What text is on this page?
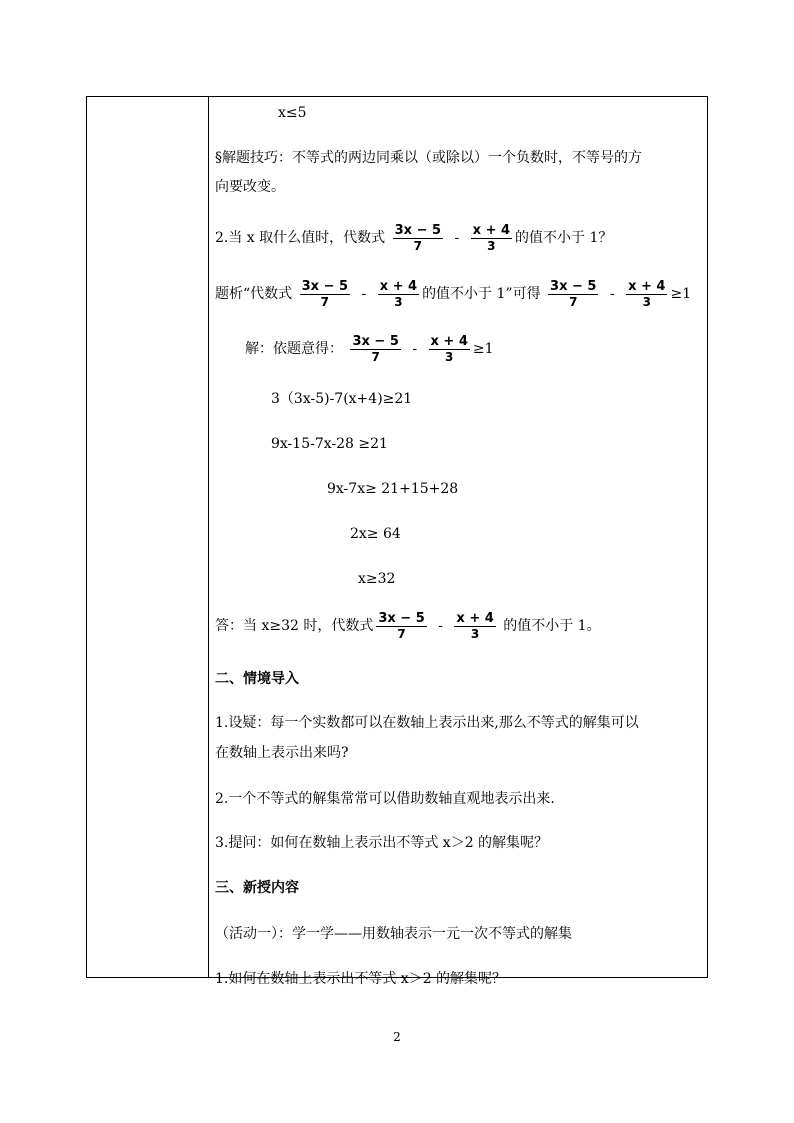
x≤5
§解题技巧：不等式的两边同乘以（或除以）一个负数时，不等号的方
向要改变。
2.当 x 取什么值时，代数式 $\frac{3x - 5}{7} - \frac{x + 4}{3}$ 的值不小于 1？
题析“代数式 $\frac{3x - 5}{7} - \frac{x + 4}{3}$ 的值不小于 1”可得 $\frac{3x - 5}{7} - \frac{x + 4}{3} \ge 1$
解：依题意得： $\frac{3x - 5}{7} - \frac{x + 4}{3} \ge 1$
3（3x-5)-7(x+4)≥21
9x-15-7x-28 ≥21
9x-7x≥ 21+15+28
2x≥ 64
x≥32
答：当 x≥32 时，代数式 $\frac{3x - 5}{7} - \frac{x + 4}{3}$ 的值不小于 1。
二、情境导入
1.设疑：每一个实数都可以在数轴上表示出来,那么不等式的解集可以
在数轴上表示出来吗?
2.一个不等式的解集常常可以借助数轴直观地表示出来.
3.提问：如何在数轴上表示出不等式 x＞2 的解集呢？
三、新授内容
（活动一）：学一学——用数轴表示一元一次不等式的解集
1.如何在数轴上表示出不等式 x＞2 的解集呢？
2
